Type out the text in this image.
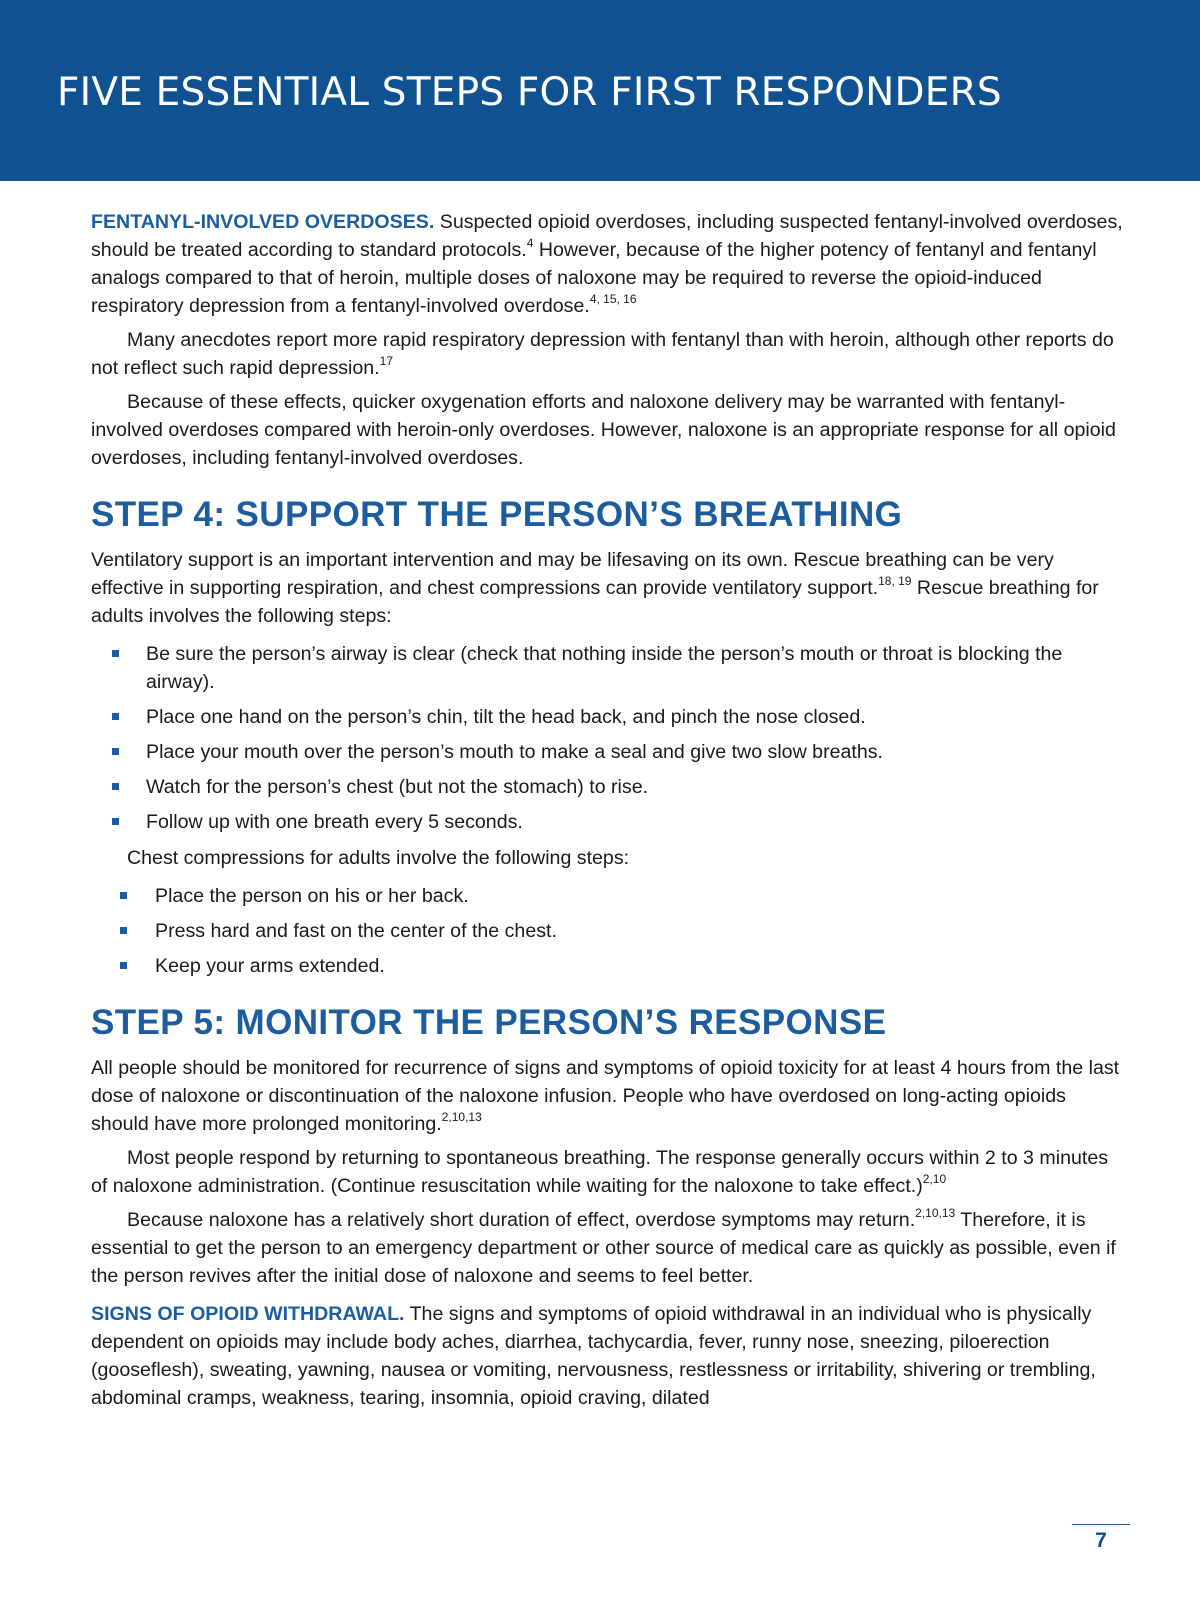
FIVE ESSENTIAL STEPS FOR FIRST RESPONDERS

FENTANYL-INVOLVED OVERDOSES. Suspected opioid overdoses, including suspected fentanyl-involved overdoses, should be treated according to standard protocols.$^4$ However, because of the higher potency of fentanyl and fentanyl analogs compared to that of heroin, multiple doses of naloxone may be required to reverse the opioid-induced respiratory depression from a fentanyl-involved overdose.$^{4, 15, 16}$

Many anecdotes report more rapid respiratory depression with fentanyl than with heroin, although other reports do not reflect such rapid depression.$^{17}$

Because of these effects, quicker oxygenation efforts and naloxone delivery may be warranted with fentanyl-involved overdoses compared with heroin-only overdoses. However, naloxone is an appropriate response for all opioid overdoses, including fentanyl-involved overdoses.

STEP 4: SUPPORT THE PERSON’S BREATHING

Ventilatory support is an important intervention and may be lifesaving on its own. Rescue breathing can be very effective in supporting respiration, and chest compressions can provide ventilatory support.$^{18, 19}$ Rescue breathing for adults involves the following steps:

Be sure the person’s airway is clear (check that nothing inside the person’s mouth or throat is blocking the airway).
Place one hand on the person’s chin, tilt the head back, and pinch the nose closed.
Place your mouth over the person’s mouth to make a seal and give two slow breaths.
Watch for the person’s chest (but not the stomach) to rise.
Follow up with one breath every 5 seconds.

Chest compressions for adults involve the following steps:

Place the person on his or her back.
Press hard and fast on the center of the chest.
Keep your arms extended.
STEP 5: MONITOR THE PERSON’S RESPONSE

All people should be monitored for recurrence of signs and symptoms of opioid toxicity for at least 4 hours from the last dose of naloxone or discontinuation of the naloxone infusion. People who have overdosed on long-acting opioids should have more prolonged monitoring.$^{2,10,13}$

Most people respond by returning to spontaneous breathing. The response generally occurs within 2 to 3 minutes of naloxone administration. (Continue resuscitation while waiting for the naloxone to take effect.)$^{2,10}$

Because naloxone has a relatively short duration of effect, overdose symptoms may return.$^{2,10,13}$ Therefore, it is essential to get the person to an emergency department or other source of medical care as quickly as possible, even if the person revives after the initial dose of naloxone and seems to feel better.

SIGNS OF OPIOID WITHDRAWAL. The signs and symptoms of opioid withdrawal in an individual who is physically dependent on opioids may include body aches, diarrhea, tachycardia, fever, runny nose, sneezing, piloerection (gooseflesh), sweating, yawning, nausea or vomiting, nervousness, restlessness or irritability, shivering or trembling, abdominal cramps, weakness, tearing, insomnia, opioid craving, dilated

7
